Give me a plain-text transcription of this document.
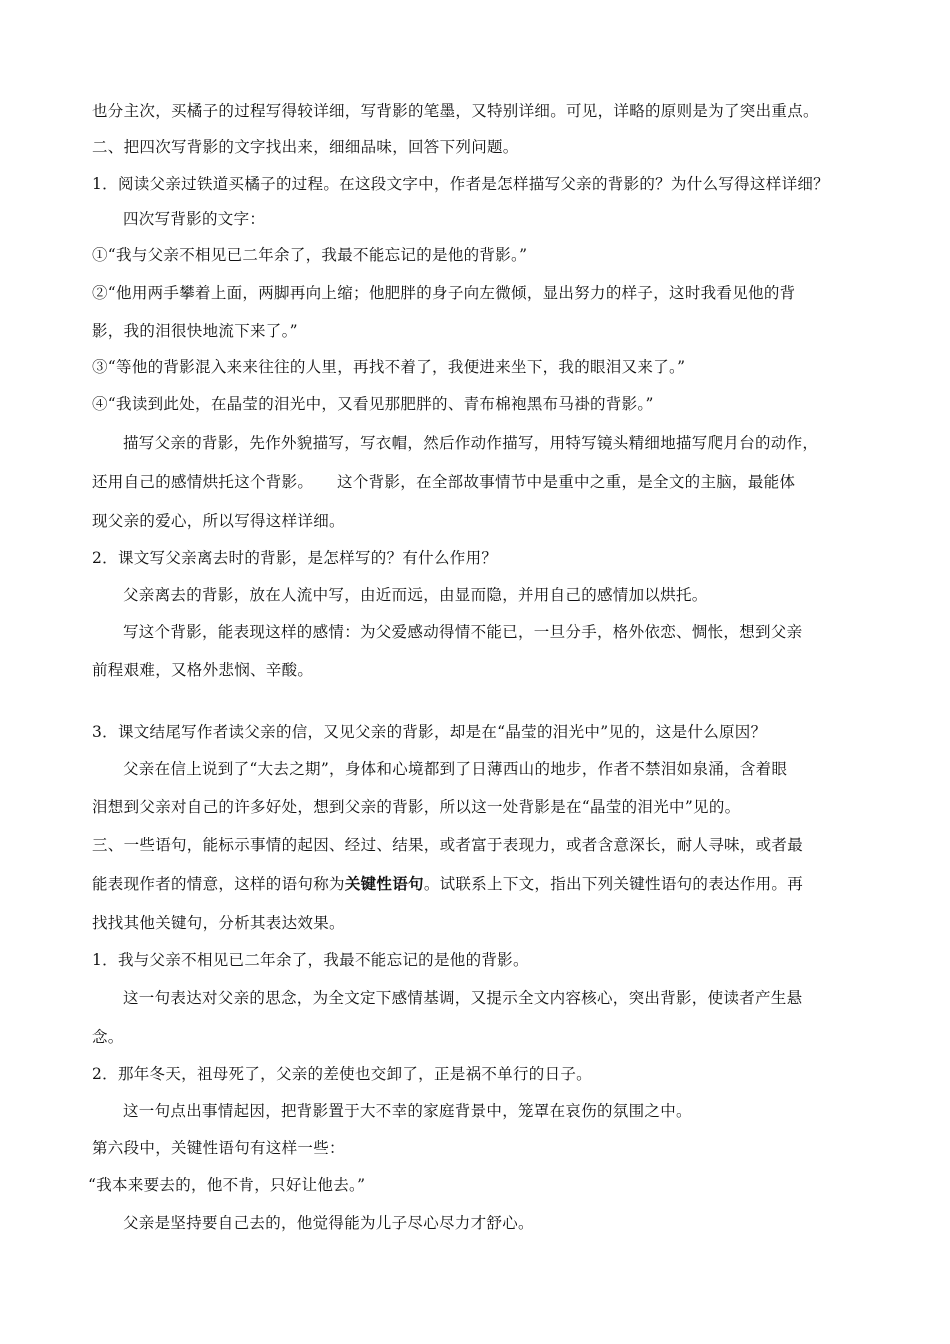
也分主次，买橘子的过程写得较详细，写背影的笔墨，又特别详细。可见，详略的原则是为了突出重点。
二、把四次写背影的文字找出来，细细品味，回答下列问题。
1．阅读父亲过铁道买橘子的过程。在这段文字中，作者是怎样描写父亲的背影的？为什么写得这样详细？
四次写背影的文字：
①“我与父亲不相见已二年余了，我最不能忘记的是他的背影。”
②“他用两手攀着上面，两脚再向上缩；他肥胖的身子向左微倾，显出努力的样子，这时我看见他的背
影，我的泪很快地流下来了。”
③“等他的背影混入来来往往的人里，再找不着了，我便进来坐下，我的眼泪又来了。”
④“我读到此处，在晶莹的泪光中，又看见那肥胖的、青布棉袍黑布马褂的背影。”
描写父亲的背影，先作外貌描写，写衣帽，然后作动作描写，用特写镜头精细地描写爬月台的动作，
还用自己的感情烘托这个背影。　　这个背影，在全部故事情节中是重中之重，是全文的主脑，最能体
现父亲的爱心，所以写得这样详细。
2．课文写父亲离去时的背影，是怎样写的？有什么作用？
父亲离去的背影，放在人流中写，由近而远，由显而隐，并用自己的感情加以烘托。
写这个背影，能表现这样的感情：为父爱感动得情不能已，一旦分手，格外依恋、惆怅，想到父亲
前程艰难，又格外悲悯、辛酸。
3．课文结尾写作者读父亲的信，又见父亲的背影，却是在“晶莹的泪光中”见的，这是什么原因？
父亲在信上说到了“大去之期”，身体和心境都到了日薄西山的地步，作者不禁泪如泉涌，含着眼
泪想到父亲对自己的许多好处，想到父亲的背影，所以这一处背影是在“晶莹的泪光中”见的。
三、一些语句，能标示事情的起因、经过、结果，或者富于表现力，或者含意深长，耐人寻味，或者最
能表现作者的情意，这样的语句称为关键性语句。试联系上下文，指出下列关键性语句的表达作用。再
找找其他关键句，分析其表达效果。
1．我与父亲不相见已二年余了，我最不能忘记的是他的背影。
这一句表达对父亲的思念，为全文定下感情基调，又提示全文内容核心，突出背影，使读者产生悬
念。
2．那年冬天，祖母死了，父亲的差使也交卸了，正是祸不单行的日子。
这一句点出事情起因，把背影置于大不幸的家庭背景中，笼罩在哀伤的氛围之中。
第六段中，关键性语句有这样一些：
“我本来要去的，他不肯，只好让他去。”
父亲是坚持要自己去的，他觉得能为儿子尽心尽力才舒心。
